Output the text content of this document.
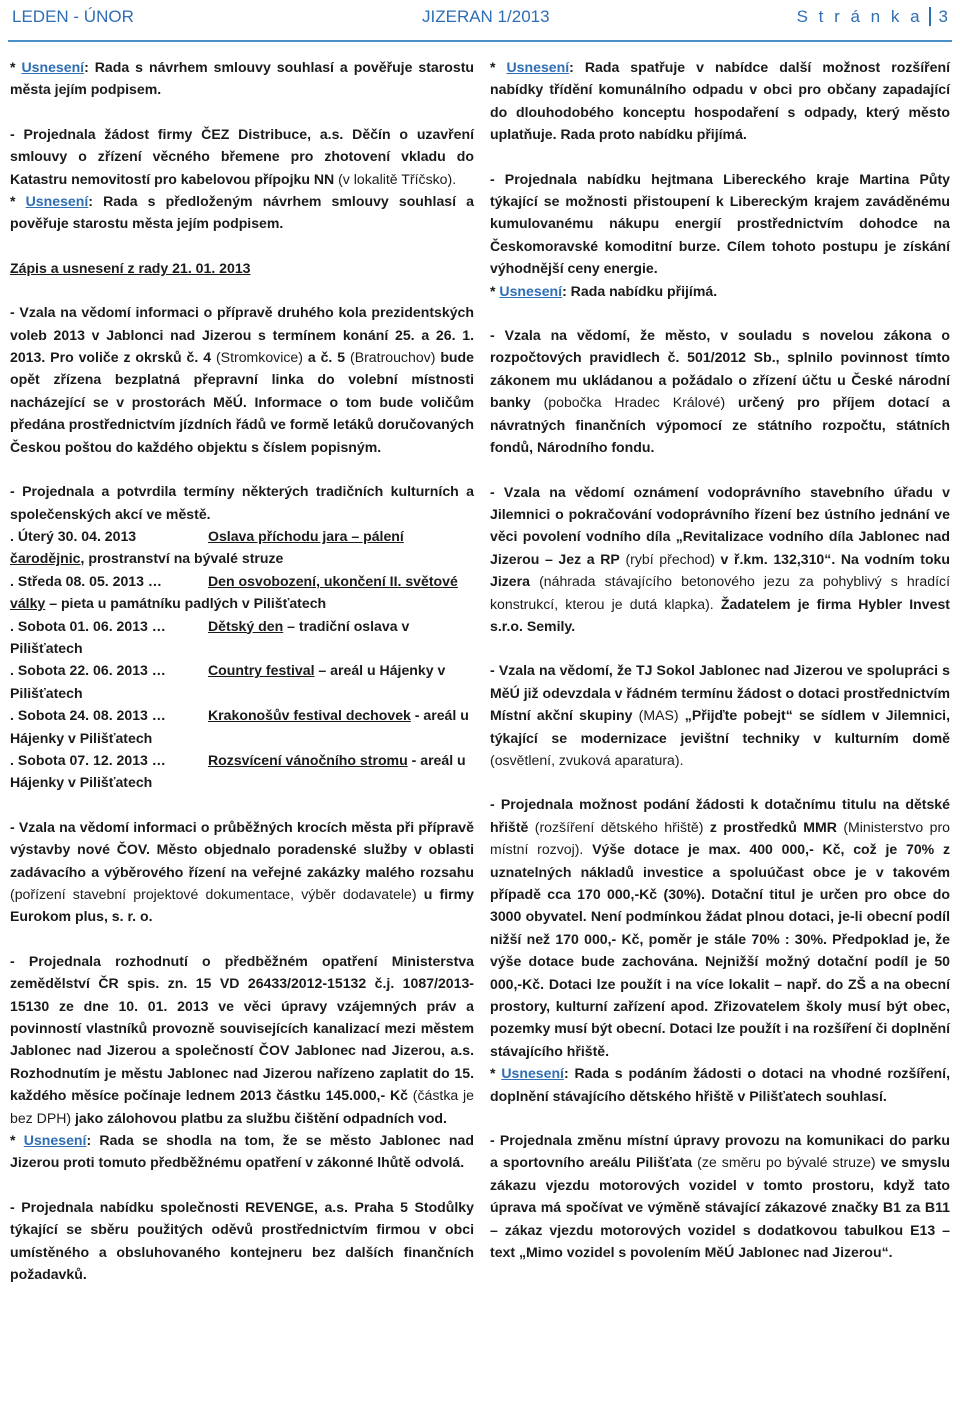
LEDEN - ÚNOR	JIZERAN 1/2013	S t r á n k a 3

* Usnesení: Rada s návrhem smlouvy souhlasí a pověřuje starostu města jejím podpisem.

- Projednala žádost firmy ČEZ Distribuce, a.s. Děčín o uzavření smlouvy o zřízení věcného břemene pro zhotovení vkladu do Katastru nemovitostí pro kabelovou přípojku NN (v lokalitě Tříčsko).

* Usnesení: Rada s předloženým návrhem smlouvy souhlasí a pověřuje starostu města jejím podpisem.

Zápis a usnesení z rady 21. 01. 2013

- Vzala na vědomí informaci o přípravě druhého kola prezidentských voleb 2013 v Jablonci nad Jizerou s termínem konání 25. a 26. 1. 2013. Pro voliče z okrsků č. 4 (Stromkovice) a č. 5 (Bratrouchov) bude opět zřízena bezplatná přepravní linka do volební místnosti nacházející se v prostorách MěÚ. Informace o tom bude voličům předána prostřednictvím jízdních řádů ve formě letáků doručovaných Českou poštou do každého objektu s číslem popisným.

- Projednala a potvrdila termíny některých tradičních kulturních a společenských akcí ve městě.

. Úterý 30. 04. 2013	Oslava příchodu jara – pálení čarodějnic, prostranství na bývalé struze

. Středa 08. 05. 2013 …	Den osvobození, ukončení II. světové války – pieta u památníku padlých v Pilišťatech

. Sobota 01. 06. 2013 …	Dětský den – tradiční oslava v Pilišťatech

. Sobota 22. 06. 2013 …	Country festival – areál u Hájenky v Pilišťatech

. Sobota 24. 08. 2013 …	Krakonošův festival dechovek - areál u Hájenky v Pilišťatech

. Sobota 07. 12. 2013 …	Rozsvícení vánočního stromu - areál u Hájenky v Pilišťatech

- Vzala na vědomí informaci o průběžných krocích města při přípravě výstavby nové ČOV. Město objednalo poradenské služby v oblasti zadávacího a výběrového řízení na veřejné zakázky malého rozsahu (pořízení stavební projektové dokumentace, výběr dodavatele) u firmy Eurokom plus, s. r. o.

- Projednala rozhodnutí o předběžném opatření Ministerstva zemědělství ČR spis. zn. 15 VD 26433/2012-15132 č.j. 1087/2013-15130 ze dne 10. 01. 2013 ve věci úpravy vzájemných práv a povinností vlastníků provozně souvisejících kanalizací mezi městem Jablonec nad Jizerou a společností ČOV Jablonec nad Jizerou, a.s. Rozhodnutím je městu Jablonec nad Jizerou nařízeno zaplatit do 15. každého měsíce počínaje lednem 2013 částku 145.000,- Kč (částka je bez DPH) jako zálohovou platbu za službu čištění odpadních vod.

* Usnesení: Rada se shodla na tom, že se město Jablonec nad Jizerou proti tomuto předběžnému opatření v zákonné lhůtě odvolá.

- Projednala nabídku společnosti REVENGE, a.s. Praha 5 Stodůlky týkající se sběru použitých oděvů prostřednictvím firmou v obci umístěného a obsluhovaného kontejneru bez dalších finančních požadavků.

* Usnesení: Rada spatřuje v nabídce další možnost rozšíření nabídky třídění komunálního odpadu v obci pro občany zapadající do dlouhodobého konceptu hospodaření s odpady, který město uplatňuje. Rada proto nabídku přijímá.

- Projednala nabídku hejtmana Libereckého kraje Martina Půty týkající se možnosti přistoupení k Libereckým krajem zaváděnému kumulovanému nákupu energií prostřednictvím dohodce na Českomoravské komoditní burze. Cílem tohoto postupu je získání výhodnější ceny energie.

* Usnesení: Rada nabídku přijímá.

- Vzala na vědomí, že město, v souladu s novelou zákona o rozpočtových pravidlech č. 501/2012 Sb., splnilo povinnost tímto zákonem mu ukládanou a požádalo o zřízení účtu u České národní banky (pobočka Hradec Králové) určený pro příjem dotací a návratných finančních výpomocí ze státního rozpočtu, státních fondů, Národního fondu.

- Vzala na vědomí oznámení vodoprávního stavebního úřadu v Jilemnici o pokračování vodoprávního řízení bez ústního jednání ve věci povolení vodního díla „Revitalizace vodního díla Jablonec nad Jizerou – Jez a RP (rybí přechod) v ř.km. 132,310“. Na vodním toku Jizera (náhrada stávajícího betonového jezu za pohyblivý s hradící konstrukcí, kterou je dutá klapka). Žadatelem je firma Hybler Invest s.r.o. Semily.

- Vzala na vědomí, že TJ Sokol Jablonec nad Jizerou ve spolupráci s MěÚ již odevzdala v řádném termínu žádost o dotaci prostřednictvím Místní akční skupiny (MAS) „Přijďte pobejt“ se sídlem v Jilemnici, týkající se modernizace jevištní techniky v kulturním domě (osvětlení, zvuková aparatura).

- Projednala možnost podání žádosti k dotačnímu titulu na dětské hřiště (rozšíření dětského hřiště) z prostředků MMR (Ministerstvo pro místní rozvoj). Výše dotace je max. 400 000,- Kč, což je 70% z uznatelných nákladů investice a spoluúčast obce je v takovém případě cca 170 000,-Kč (30%). Dotační titul je určen pro obce do 3000 obyvatel. Není podmínkou žádat plnou dotaci, je-li obecní podíl nižší než 170 000,- Kč, poměr je stále 70% : 30%. Předpoklad je, že výše dotace bude zachována. Nejnižší možný dotační podíl je 50 000,-Kč. Dotaci lze použít i na více lokalit – např. do ZŠ a na obecní prostory, kulturní zařízení apod. Zřizovatelem školy musí být obec, pozemky musí být obecní. Dotaci lze použít i na rozšíření či doplnění stávajícího hřiště.

* Usnesení: Rada s podáním žádosti o dotaci na vhodné rozšíření, doplnění stávajícího dětského hřiště v Pilišťatech souhlasí.

- Projednala změnu místní úpravy provozu na komunikaci do parku a sportovního areálu Pilišťata (ze směru po bývalé struze) ve smyslu zákazu vjezdu motorových vozidel v tomto prostoru, když tato úprava má spočívat ve výměně stávající zákazové značky B1 za B11 – zákaz vjezdu motorových vozidel s dodatkovou tabulkou E13 – text „Mimo vozidel s povolením MěÚ Jablonec nad Jizerou“.
